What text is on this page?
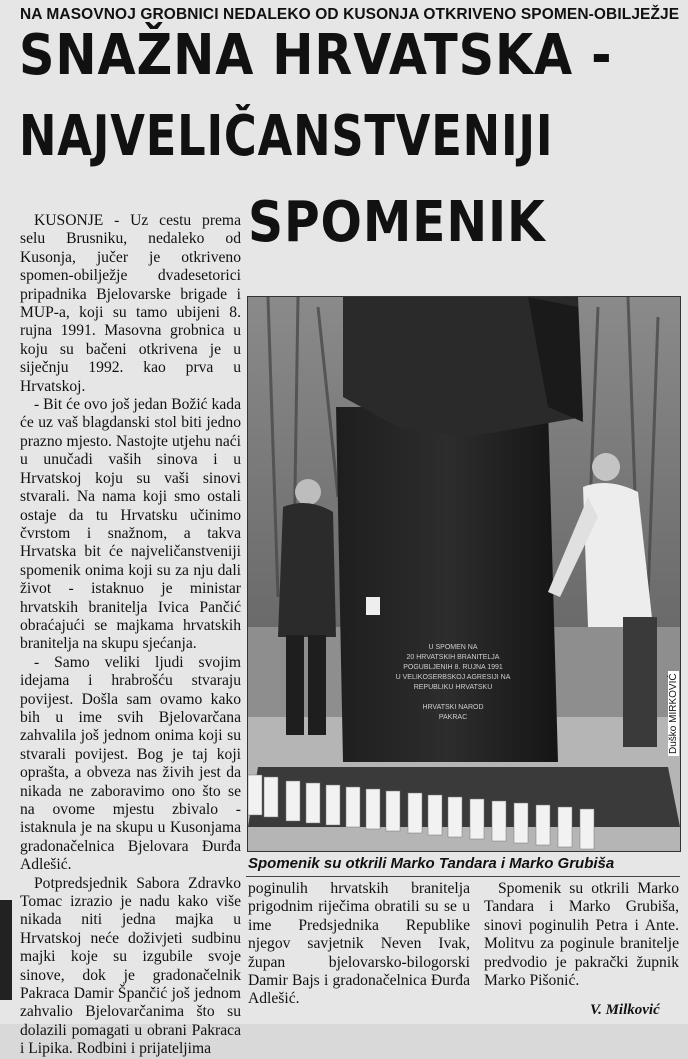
NA MASOVNOJ GROBNICI NEDALEKO OD KUSONJA OTKRIVENO SPOMEN-OBILJEŽJE
SNAŽNA HRVATSKA -
NAJVELIČANSTVENIJI
SPOMENIK

KUSONJE - Uz cestu prema selu Brusniku, nedaleko od Kusonja, jučer je otkriveno spomen-obilježje dvadesetorici pripadnika Bjelovarske brigade i MUP-a, koji su tamo ubijeni 8. rujna 1991. Masovna grobnica u koju su bačeni otkrivena je u siječnju 1992. kao prva u Hrvatskoj.

- Bit će ovo još jedan Božić kada će uz vaš blagdanski stol biti jedno prazno mjesto. Nastojte utjehu naći u unučadi vaših sinova i u Hrvatskoj koju su vaši sinovi stvarali. Na nama koji smo ostali ostaje da tu Hrvatsku učinimo čvrstom i snažnom, a takva Hrvatska bit će najveličanstveniji spomenik onima koji su za nju dali život - istaknuo je ministar hrvatskih branitelja Ivica Pančić obraćajući se majkama hrvatskih branitelja na skupu sjećanja.

- Samo veliki ljudi svojim idejama i hrabrošću stvaraju povijest. Došla sam ovamo kako bih u ime svih Bjelovarčana zahvalila još jednom onima koji su stvarali povijest. Bog je taj koji oprašta, a obveza nas živih jest da nikada ne zaboravimo ono što se na ovome mjestu zbivalo - istaknula je na skupu u Kusonjama gradonačelnica Bjelovara Đurđa Adlešić.

Potpredsjednik Sabora Zdravko Tomac izrazio je nadu kako više nikada niti jedna majka u Hrvatskoj neće doživjeti sudbinu majki koje su izgubile svoje sinove, dok je gradonačelnik Pakraca Damir Špančić još jednom zahvalio Bjelovarčanima što su dolazili pomagati u obrani Pakraca i Lipika. Rodbini i prijateljima

U SPOMEN NA
20 HRVATSKIH BRANITELJA
POGUBLJENIH 8. RUJNA 1991
U VELIKOSERBSKOJ AGRESIJI NA
REPUBLIKU HRVATSKU
HRVATSKI NAROD
PAKRAC	Duško MIRKOVIĆ
Spomenik su otkrili Marko Tandara i Marko Grubiša

poginulih hrvatskih branitelja prigodnim riječima obratili su se u ime Predsjednika Republike njegov savjetnik Neven Ivak, župan bjelovarsko-bilogorski Damir Bajs i gradonačelnica Đurđa Adlešić.

Spomenik su otkrili Marko Tandara i Marko Grubiša, sinovi poginulih Petra i Ante. Molitvu za poginule branitelje predvodio je pakrački župnik Marko Pišonić.

V. Milković
